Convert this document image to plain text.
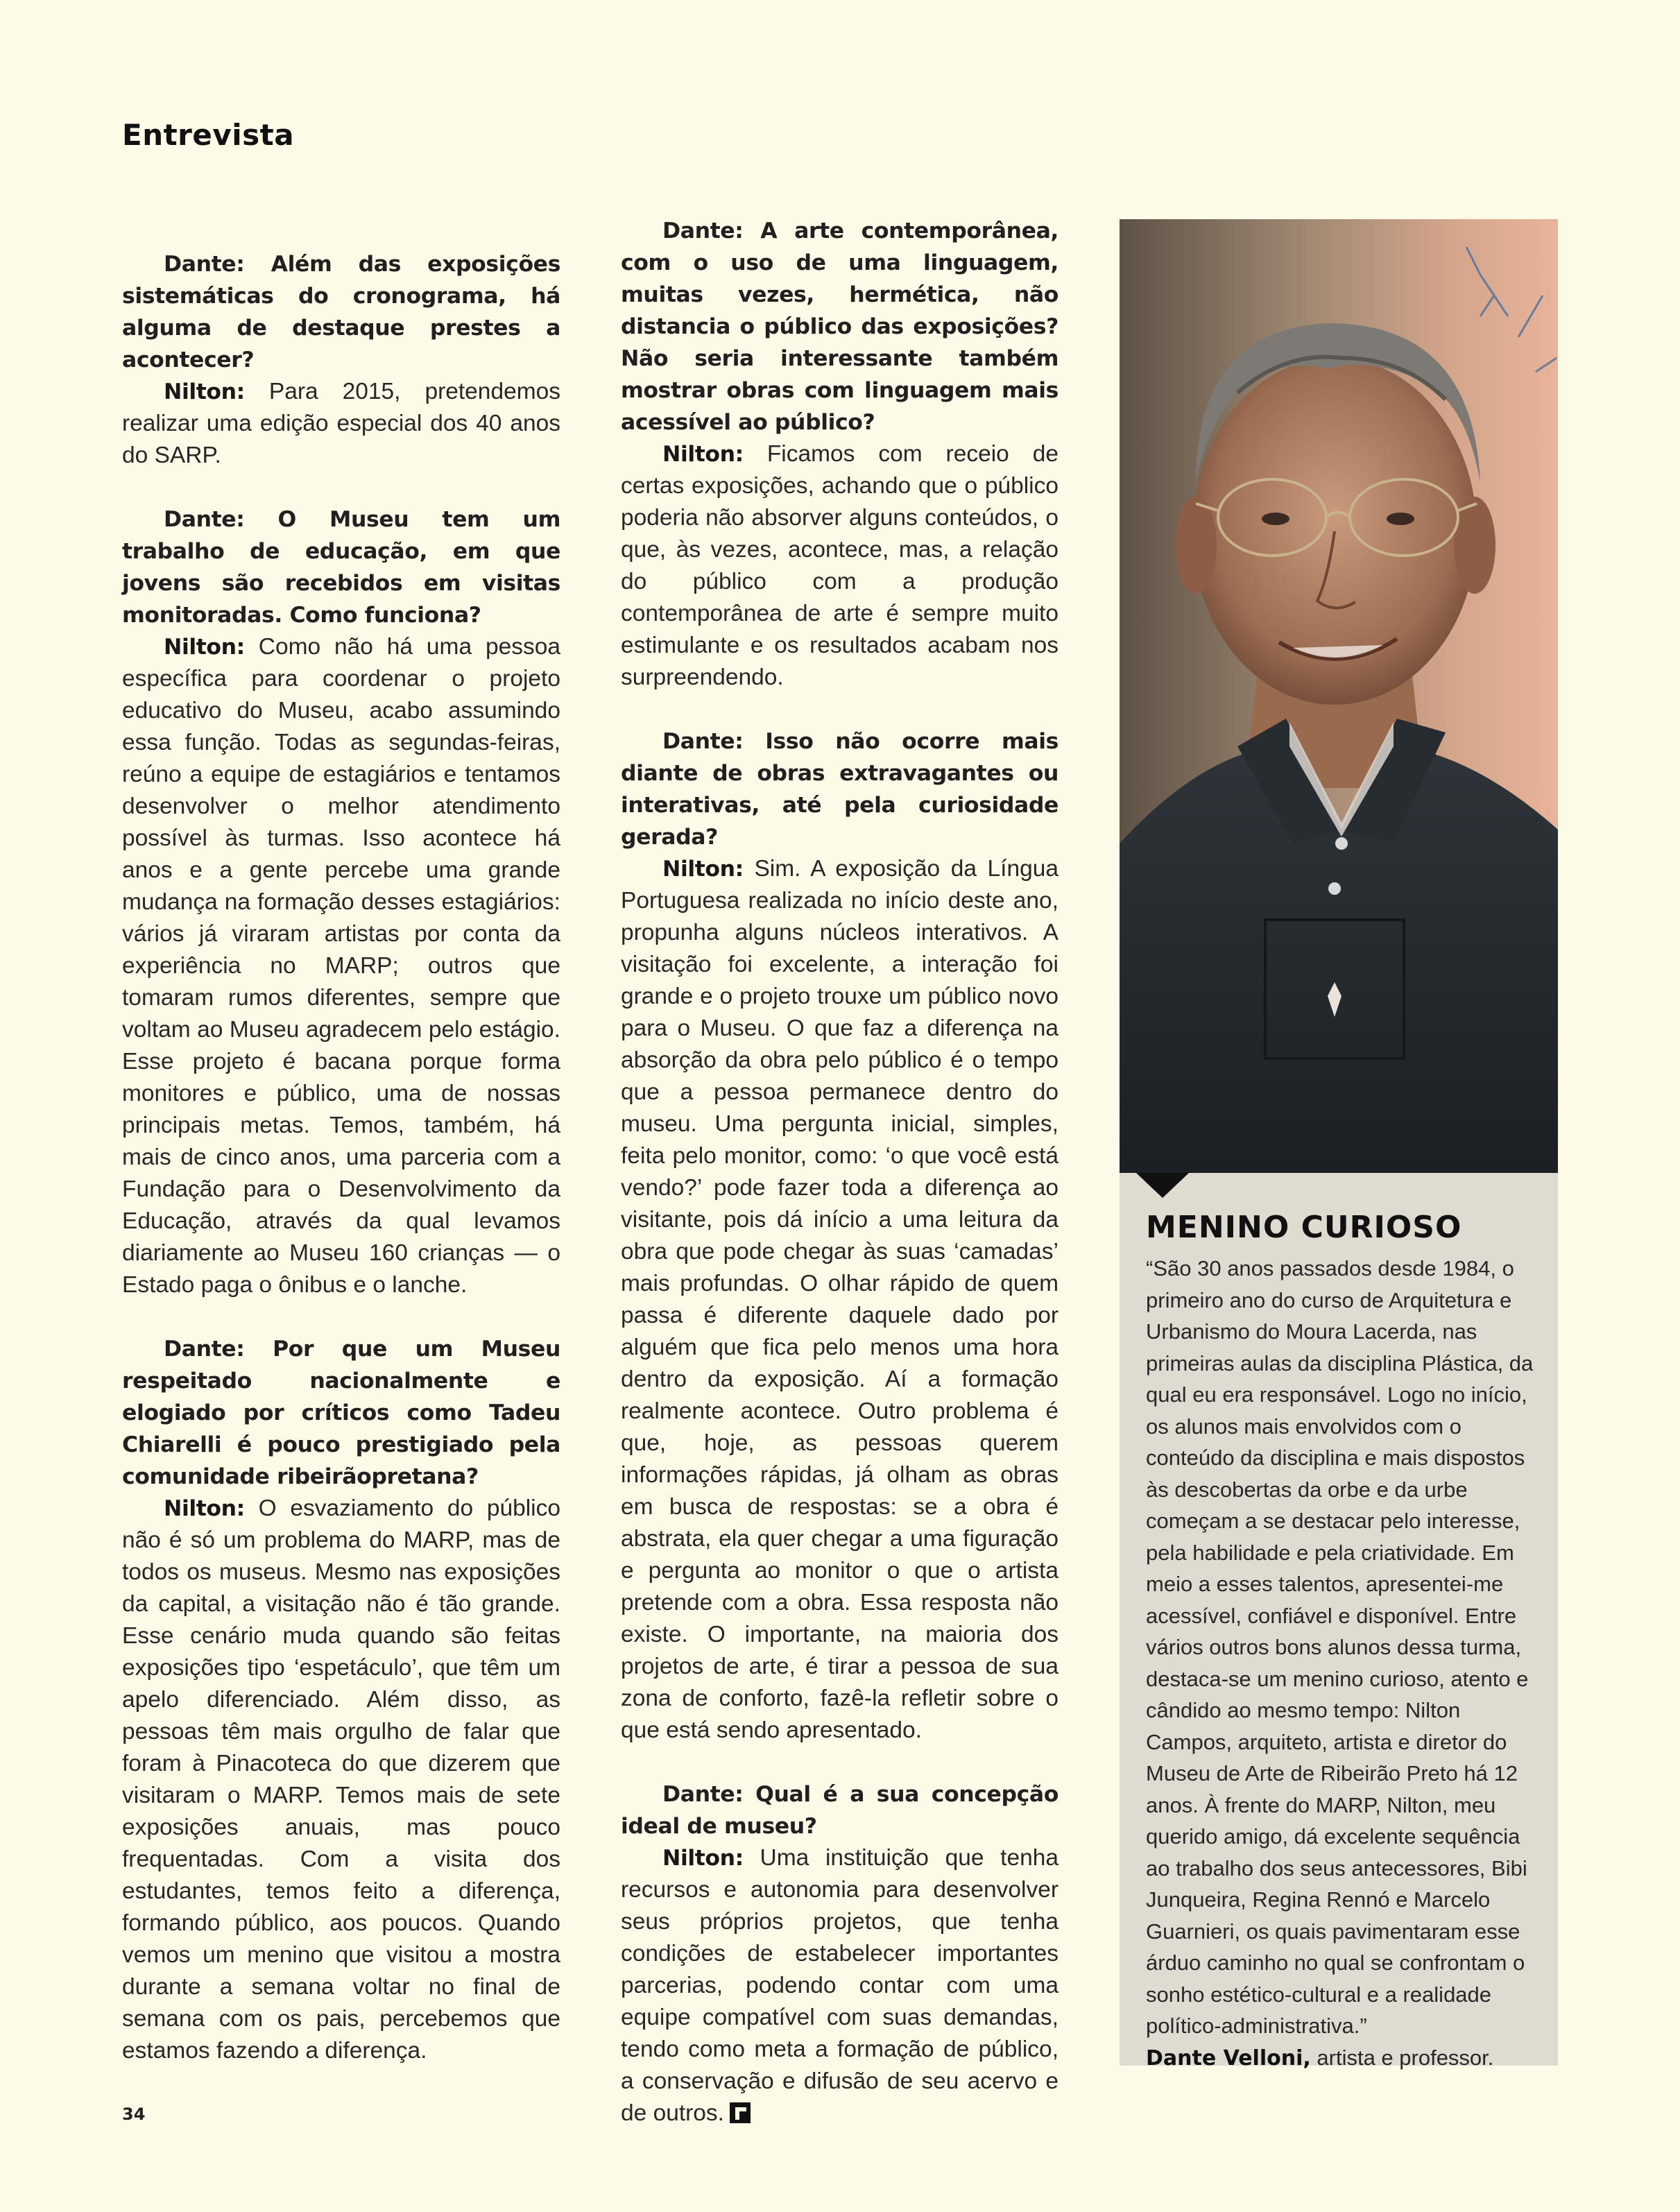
Entrevista

Dante: Além das exposições sistemáticas do cronograma, há alguma de destaque prestes a acontecer?

Nilton: Para 2015, pretendemos realizar uma edição especial dos 40 anos do SARP.

Dante: O Museu tem um trabalho de educação, em que jovens são recebidos em visitas monitoradas. Como funciona?

Nilton: Como não há uma pessoa específica para coordenar o projeto educativo do Museu, acabo assumindo essa função. Todas as segundas-feiras, reúno a equipe de estagiários e tentamos desenvolver o melhor atendimento possível às turmas. Isso acontece há anos e a gente percebe uma grande mudança na formação desses estagiários: vários já viraram artistas por conta da experiência no MARP; outros que tomaram rumos diferentes, sempre que voltam ao Museu agradecem pelo estágio. Esse projeto é bacana porque forma monitores e público, uma de nossas principais metas. Temos, também, há mais de cinco anos, uma parceria com a Fundação para o Desenvolvimento da Educação, através da qual levamos diariamente ao Museu 160 crianças — o Estado paga o ônibus e o lanche.

Dante: Por que um Museu respeitado nacionalmente e elogiado por críticos como Tadeu Chiarelli é pouco prestigiado pela comunidade ribeirãopretana?

Nilton: O esvaziamento do público não é só um problema do MARP, mas de todos os museus. Mesmo nas exposições da capital, a visitação não é tão grande. Esse cenário muda quando são feitas exposições tipo ‘espetáculo’, que têm um apelo diferenciado. Além disso, as pessoas têm mais orgulho de falar que foram à Pinacoteca do que dizerem que visitaram o MARP. Temos mais de sete exposições anuais, mas pouco frequentadas. Com a visita dos estudantes, temos feito a diferença, formando público, aos poucos. Quando vemos um menino que visitou a mostra durante a semana voltar no final de semana com os pais, percebemos que estamos fazendo a diferença.

Dante: A arte contemporânea, com o uso de uma linguagem, muitas vezes, hermética, não distancia o público das exposições? Não seria interessante também mostrar obras com linguagem mais acessível ao público?

Nilton: Ficamos com receio de certas exposições, achando que o público poderia não absorver alguns conteúdos, o que, às vezes, acontece, mas, a relação do público com a produção contemporânea de arte é sempre muito estimulante e os resultados acabam nos surpreendendo.

Dante: Isso não ocorre mais diante de obras extravagantes ou interativas, até pela curiosidade gerada?

Nilton: Sim. A exposição da Língua Portuguesa realizada no início deste ano, propunha alguns núcleos interativos. A visitação foi excelente, a interação foi grande e o projeto trouxe um público novo para o Museu. O que faz a diferença na absorção da obra pelo público é o tempo que a pessoa permanece dentro do museu. Uma pergunta inicial, simples, feita pelo monitor, como: ‘o que você está vendo?’ pode fazer toda a diferença ao visitante, pois dá início a uma leitura da obra que pode chegar às suas ‘camadas’ mais profundas. O olhar rápido de quem passa é diferente daquele dado por alguém que fica pelo menos uma hora dentro da exposição. Aí a formação realmente acontece. Outro problema é que, hoje, as pessoas querem informações rápidas, já olham as obras em busca de respostas: se a obra é abstrata, ela quer chegar a uma figuração e pergunta ao monitor o que o artista pretende com a obra. Essa resposta não existe. O importante, na maioria dos projetos de arte, é tirar a pessoa de sua zona de conforto, fazê-la refletir sobre o que está sendo apresentado.

Dante: Qual é a sua concepção ideal de museu?

Nilton: Uma instituição que tenha recursos e autonomia para desenvolver seus próprios projetos, que tenha condições de estabelecer importantes parcerias, podendo contar com uma equipe compatível com suas demandas, tendo como meta a formação de público, a conservação e difusão de seu acervo e de outros.

MENINO CURIOSO
“São 30 anos passados desde 1984, o primeiro ano do curso de Arquitetura e Urbanismo do Moura Lacerda, nas primeiras aulas da disciplina Plástica, da qual eu era responsável. Logo no início, os alunos mais envolvidos com o conteúdo da disciplina e mais dispostos às descobertas da orbe e da urbe começam a se destacar pelo interesse, pela habilidade e pela criatividade. Em meio a esses talentos, apresentei-me acessível, confiável e disponível. Entre vários outros bons alunos dessa turma, destaca-se um menino curioso, atento e cândido ao mesmo tempo: Nilton Campos, arquiteto, artista e diretor do Museu de Arte de Ribeirão Preto há 12 anos. À frente do MARP, Nilton, meu querido amigo, dá excelente sequência ao trabalho dos seus antecessores, Bibi Junqueira, Regina Rennó e Marcelo Guarnieri, os quais pavimentaram esse árduo caminho no qual se confrontam o sonho estético-cultural e a realidade político-administrativa.”
Dante Velloni, artista e professor.
34
